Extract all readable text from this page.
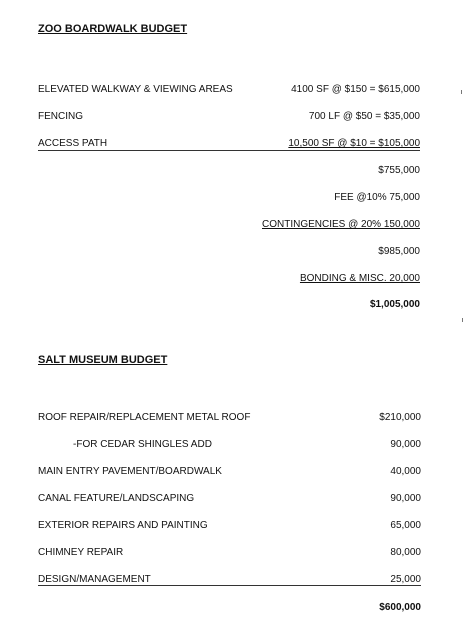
ZOO BOARDWALK BUDGET
ELEVATED WALKWAY & VIEWING AREAS	4100 SF @ $150 = $615,000
FENCING	700 LF @ $50 = $35,000
ACCESS PATH	10,500 SF @ $10 = $105,000
$755,000
FEE @10% 75,000
CONTINGENCIES @ 20% 150,000
$985,000
BONDING & MISC. 20,000
$1,005,000
SALT MUSEUM BUDGET
ROOF REPAIR/REPLACEMENT METAL ROOF	$210,000
-FOR CEDAR SHINGLES ADD	90,000
MAIN ENTRY PAVEMENT/BOARDWALK	40,000
CANAL FEATURE/LANDSCAPING	90,000
EXTERIOR REPAIRS AND PAINTING	65,000
CHIMNEY REPAIR	80,000
DESIGN/MANAGEMENT	25,000
$600,000
